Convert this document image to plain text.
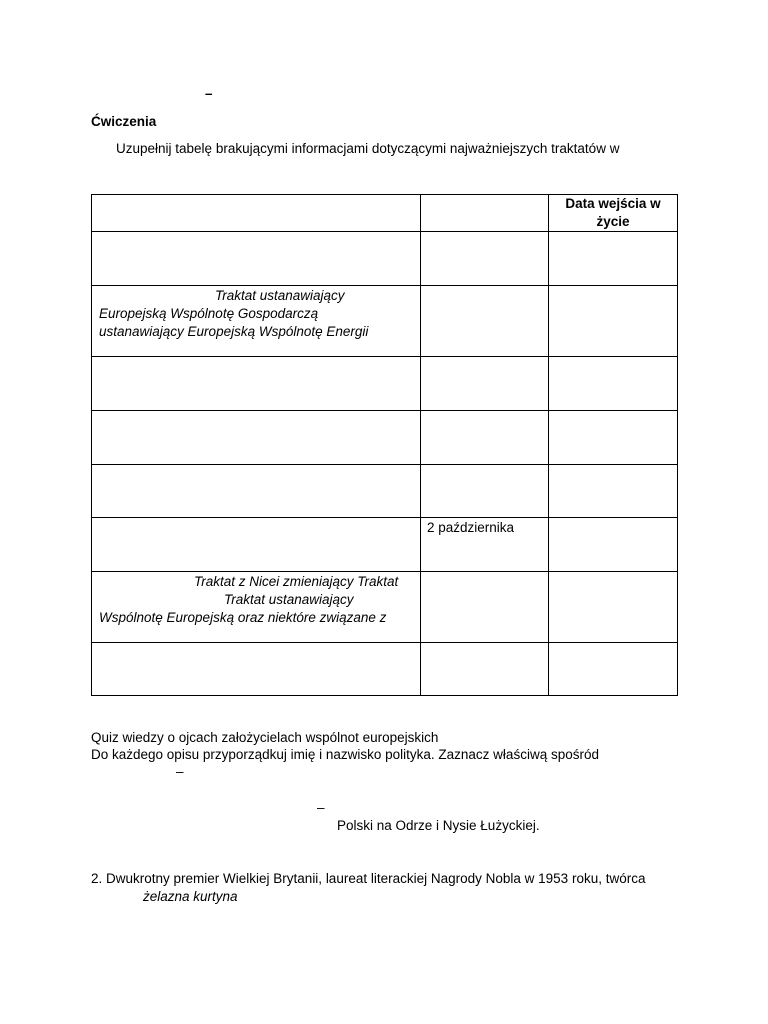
–
Ćwiczenia
Uzupełnij tabelę brakującymi informacjami dotyczącymi najważniejszych traktatów w

		Data wejścia w
życie

Traktat ustanawiający
Europejską Wspólnotę Gospodarczą
ustanawiający Europejską Wspólnotę Energii		

	2 października	

Traktat z Nicei zmieniający Traktat
Traktat ustanawiający
Wspólnotę Europejską oraz niektóre związane z		

Quiz wiedzy o ojcach założycielach wspólnot europejskich
Do każdego opisu przyporządkuj imię i nazwisko polityka. Zaznacz właściwą spośród
–
–
Polski na Odrze i Nysie Łużyckiej.
2. Dwukrotny premier Wielkiej Brytanii, laureat literackiej Nagrody Nobla w 1953 roku, twórca
żelazna kurtyna
